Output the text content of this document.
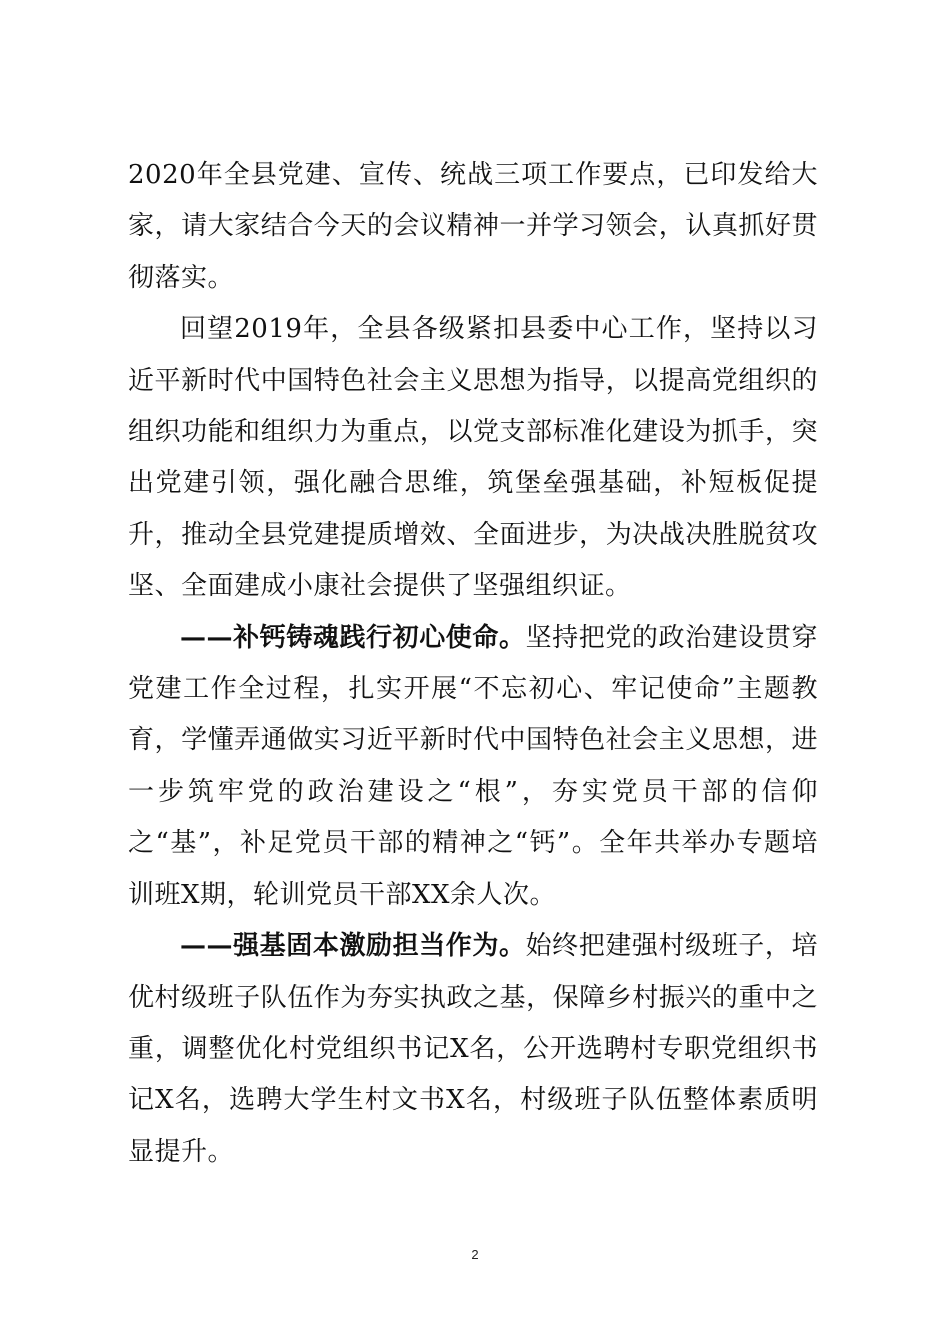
2020年全县党建、宣传、统战三项工作要点，已印发给大家，请大家结合今天的会议精神一并学习领会，认真抓好贯彻落实。

回望2019年，全县各级紧扣县委中心工作，坚持以习近平新时代中国特色社会主义思想为指导，以提高党组织的组织功能和组织力为重点，以党支部标准化建设为抓手，突出党建引领，强化融合思维，筑堡垒强基础，补短板促提升，推动全县党建提质增效、全面进步，为决战决胜脱贫攻坚、全面建成小康社会提供了坚强组织证。

——补钙铸魂践行初心使命。坚持把党的政治建设贯穿党建工作全过程，扎实开展“不忘初心、牢记使命”主题教育，学懂弄通做实习近平新时代中国特色社会主义思想，进一步筑牢党的政治建设之“根”，夯实党员干部的信仰之“基”，补足党员干部的精神之“钙”。全年共举办专题培训班X期，轮训党员干部XX余人次。

——强基固本激励担当作为。始终把建强村级班子，培优村级班子队伍作为夯实执政之基，保障乡村振兴的重中之重，调整优化村党组织书记X名，公开选聘村专职党组织书记X名，选聘大学生村文书X名，村级班子队伍整体素质明显提升。

2
